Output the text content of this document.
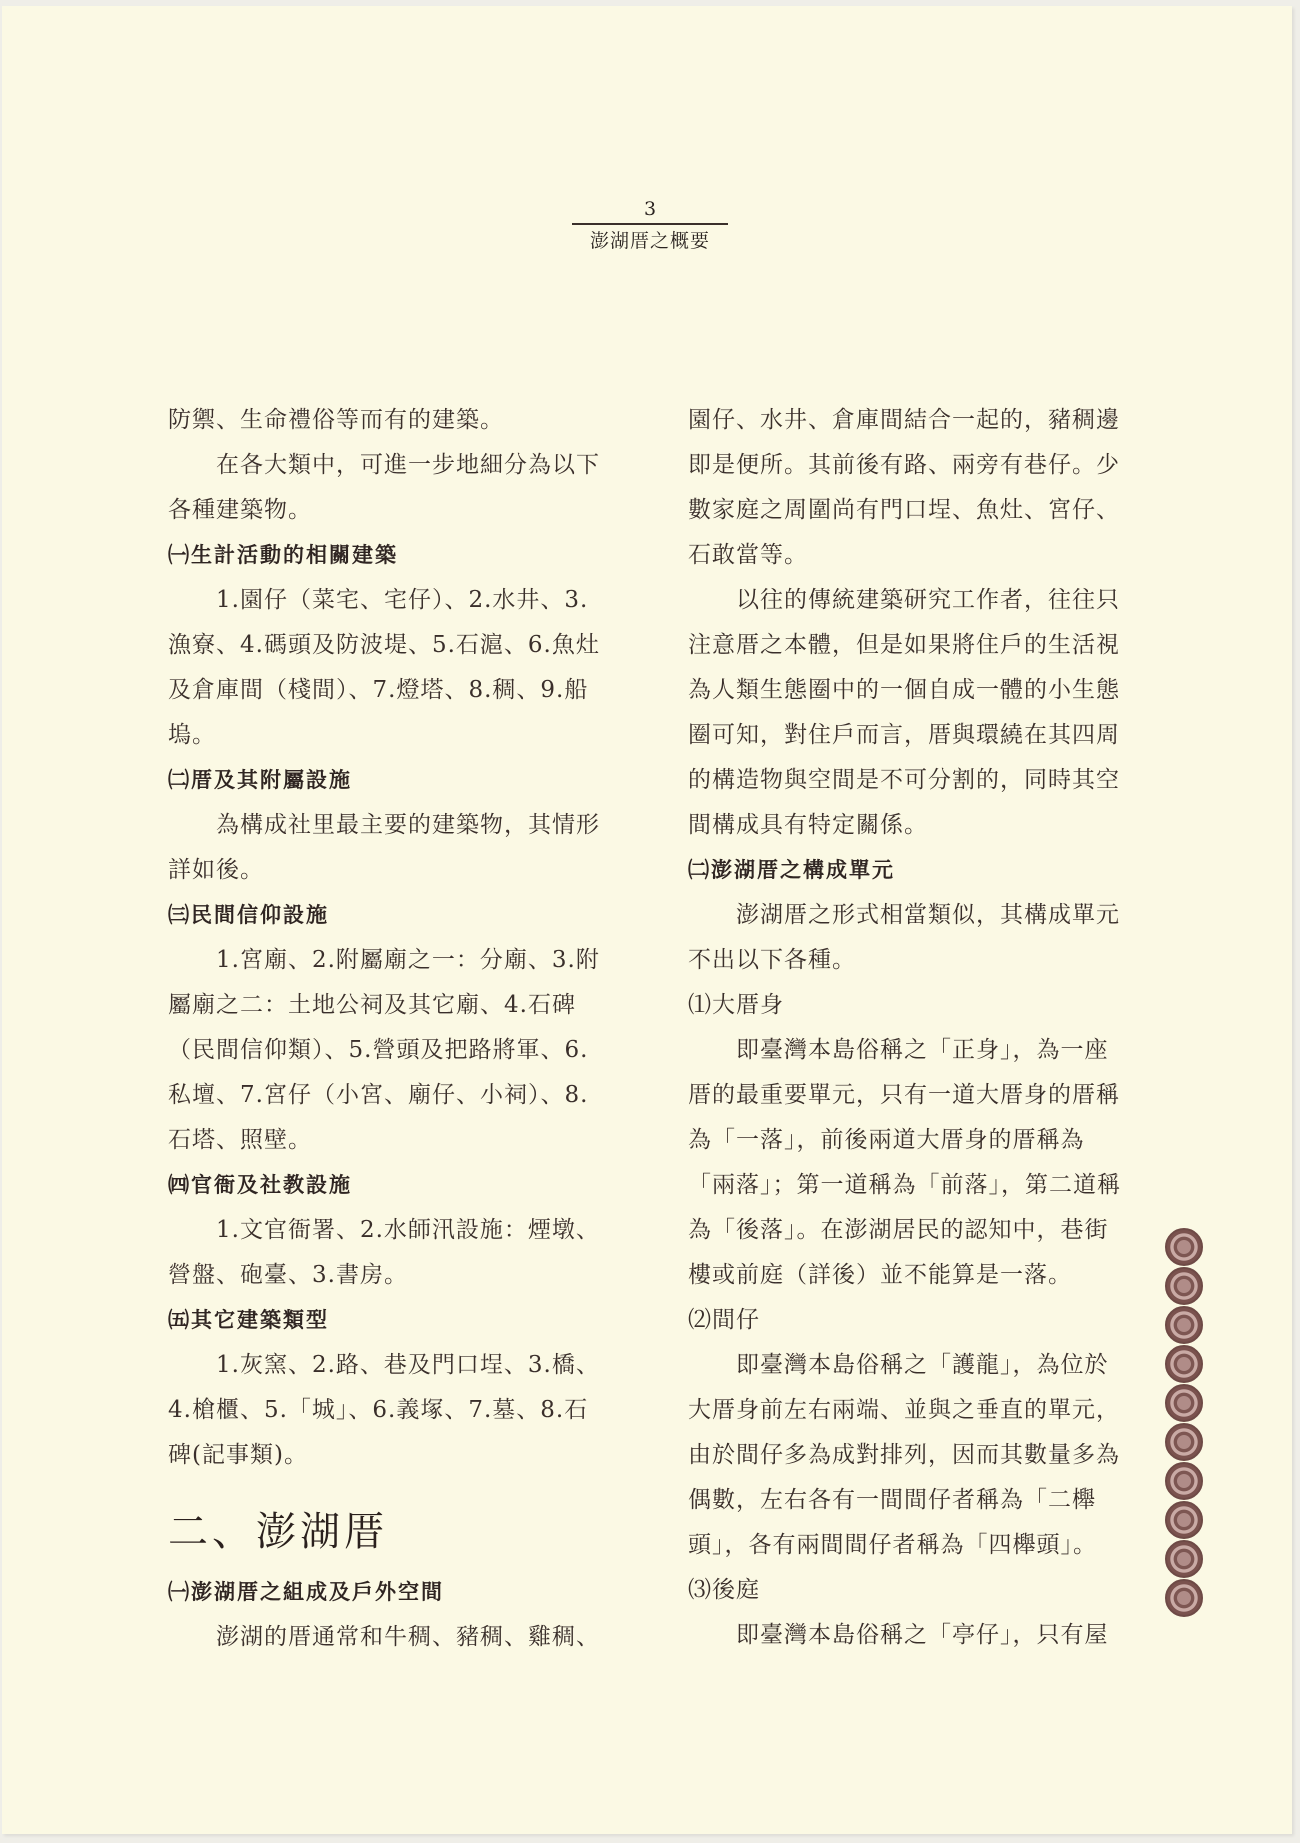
3
澎湖厝之概要

防禦、生命禮俗等而有的建築。

在各大類中，可進一步地細分為以下各種建築物。

㈠生計活動的相關建築

1.園仔（菜宅、宅仔）、2.水井、3.漁寮、4.碼頭及防波堤、5.石滬、6.魚灶及倉庫間（棧間）、7.燈塔、8.稠、9.船塢。

㈡厝及其附屬設施

為構成社里最主要的建築物，其情形詳如後。

㈢民間信仰設施

1.宮廟、2.附屬廟之一：分廟、3.附屬廟之二：土地公祠及其它廟、4.石碑（民間信仰類）、5.營頭及把路將軍、6.私壇、7.宮仔（小宮、廟仔、小祠）、8.石塔、照壁。

㈣官衙及社教設施

1.文官衙署、2.水師汛設施：煙墩、營盤、砲臺、3.書房。

㈤其它建築類型

1.灰窯、2.路、巷及門口埕、3.橋、4.槍櫃、5.「城」、6.義塚、7.墓、8.石碑(記事類)。

二、澎湖厝
㈠澎湖厝之組成及戶外空間

澎湖的厝通常和牛稠、豬稠、雞稠、

園仔、水井、倉庫間結合一起的，豬稠邊即是便所。其前後有路、兩旁有巷仔。少數家庭之周圍尚有門口埕、魚灶、宮仔、石敢當等。

以往的傳統建築研究工作者，往往只注意厝之本體，但是如果將住戶的生活視為人類生態圈中的一個自成一體的小生態圈可知，對住戶而言，厝與環繞在其四周的構造物與空間是不可分割的，同時其空間構成具有特定關係。

㈡澎湖厝之構成單元

澎湖厝之形式相當類似，其構成單元不出以下各種。

⑴大厝身

即臺灣本島俗稱之「正身」，為一座厝的最重要單元，只有一道大厝身的厝稱為「一落」，前後兩道大厝身的厝稱為「兩落」；第一道稱為「前落」，第二道稱為「後落」。在澎湖居民的認知中，巷街樓或前庭（詳後）並不能算是一落。

⑵間仔

即臺灣本島俗稱之「護龍」，為位於大厝身前左右兩端、並與之垂直的單元，由於間仔多為成對排列，因而其數量多為偶數，左右各有一間間仔者稱為「二櫸頭」，各有兩間間仔者稱為「四櫸頭」。

⑶後庭

即臺灣本島俗稱之「亭仔」，只有屋
